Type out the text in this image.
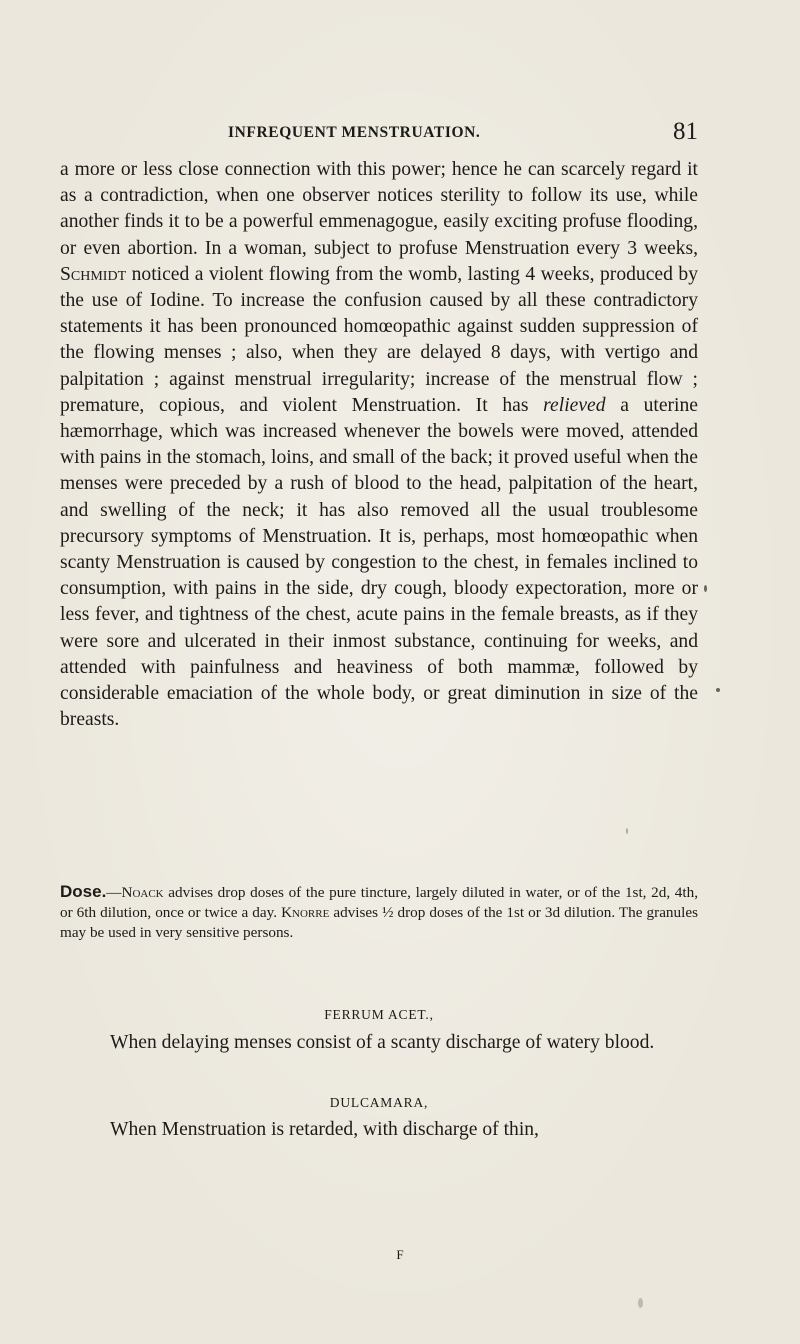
INFREQUENT MENSTRUATION.	81

a more or less close connection with this power; hence he can scarcely regard it as a contradiction, when one observer notices sterility to follow its use, while another finds it to be a powerful emmenagogue, easily exciting profuse flooding, or even abortion. In a woman, subject to profuse Menstruation every 3 weeks, Schmidt noticed a violent flowing from the womb, lasting 4 weeks, produced by the use of Iodine. To increase the confusion caused by all these contradictory statements it has been pronounced homœopathic against sudden suppression of the flowing menses ; also, when they are delayed 8 days, with vertigo and palpitation ; against menstrual irregularity; increase of the menstrual flow ; premature, copious, and violent Menstruation. It has relieved a uterine hæmorrhage, which was increased whenever the bowels were moved, attended with pains in the stomach, loins, and small of the back; it proved useful when the menses were preceded by a rush of blood to the head, palpitation of the heart, and swelling of the neck; it has also removed all the usual troublesome precursory symptoms of Menstruation. It is, perhaps, most homœopathic when scanty Menstruation is caused by congestion to the chest, in females inclined to consumption, with pains in the side, dry cough, bloody expectoration, more or less fever, and tightness of the chest, acute pains in the female breasts, as if they were sore and ulcerated in their inmost substance, continuing for weeks, and attended with painfulness and heaviness of both mammæ, followed by considerable emaciation of the whole body, or great diminution in size of the breasts.

Dose.—Noack advises drop doses of the pure tincture, largely diluted in water, or of the 1st, 2d, 4th, or 6th dilution, once or twice a day. Knorre advises ½ drop doses of the 1st or 3d dilution. The granules may be used in very sensitive persons.
FERRUM ACET.,
When delaying menses consist of a scanty discharge of watery blood.
DULCAMARA,
When Menstruation is retarded, with discharge of thin,
F
